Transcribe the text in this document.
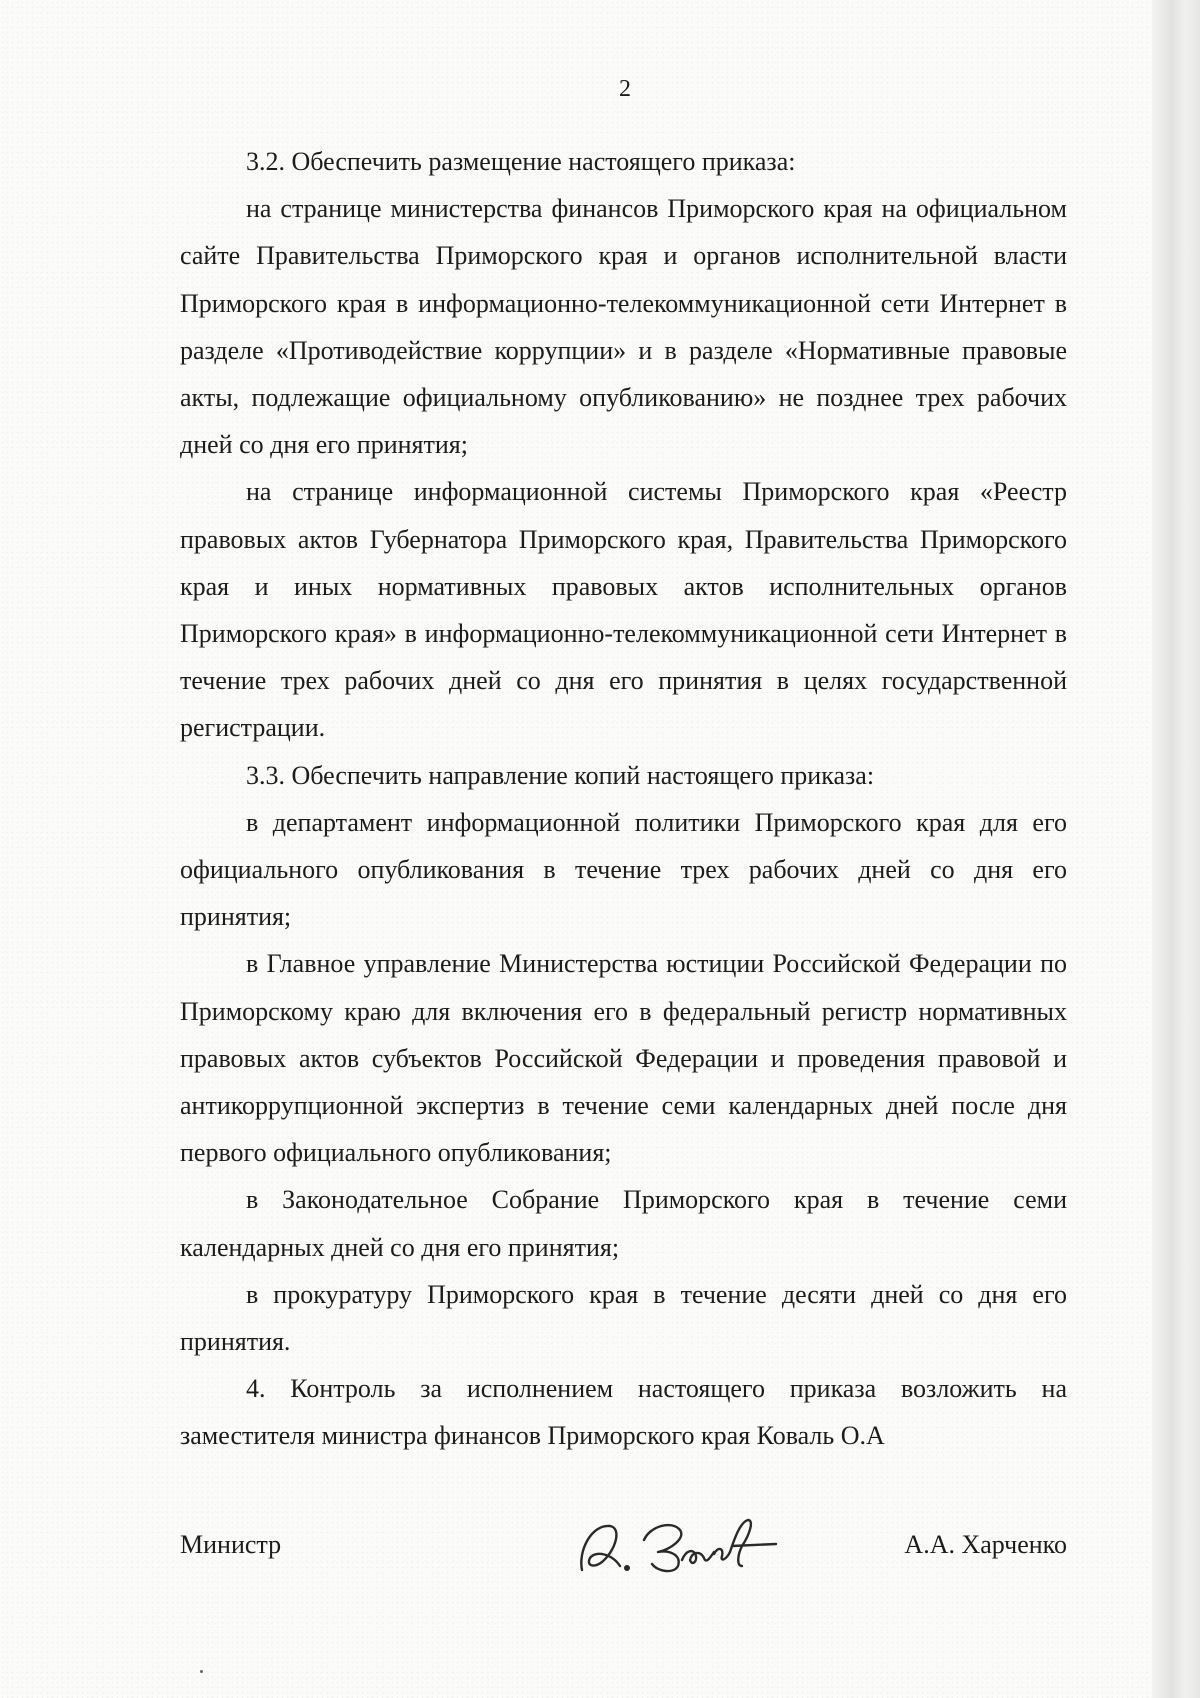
2

3.2. Обеспечить размещение настоящего приказа:

на странице министерства финансов Приморского края на официальном сайте Правительства Приморского края и органов исполнительной власти Приморского края в информационно-телекоммуникационной сети Интернет в разделе «Противодействие коррупции» и в разделе «Нормативные правовые акты, подлежащие официальному опубликованию» не позднее трех рабочих дней со дня его принятия;

на странице информационной системы Приморского края «Реестр правовых актов Губернатора Приморского края, Правительства Приморского края и иных нормативных правовых актов исполнительных органов Приморского края» в информационно-телекоммуникационной сети Интернет в течение трех рабочих дней со дня его принятия в целях государственной регистрации.

3.3. Обеспечить направление копий настоящего приказа:

в департамент информационной политики Приморского края для его официального опубликования в течение трех рабочих дней со дня его принятия;

в Главное управление Министерства юстиции Российской Федерации по Приморскому краю для включения его в федеральный регистр нормативных правовых актов субъектов Российской Федерации и проведения правовой и антикоррупционной экспертиз в течение семи календарных дней после дня первого официального опубликования;

в Законодательное Собрание Приморского края в течение семи календарных дней со дня его принятия;

в прокуратуру Приморского края в течение десяти дней со дня его принятия.

4. Контроль за исполнением настоящего приказа возложить на заместителя министра финансов Приморского края Коваль О.А

Министр	А.А. Харченко
